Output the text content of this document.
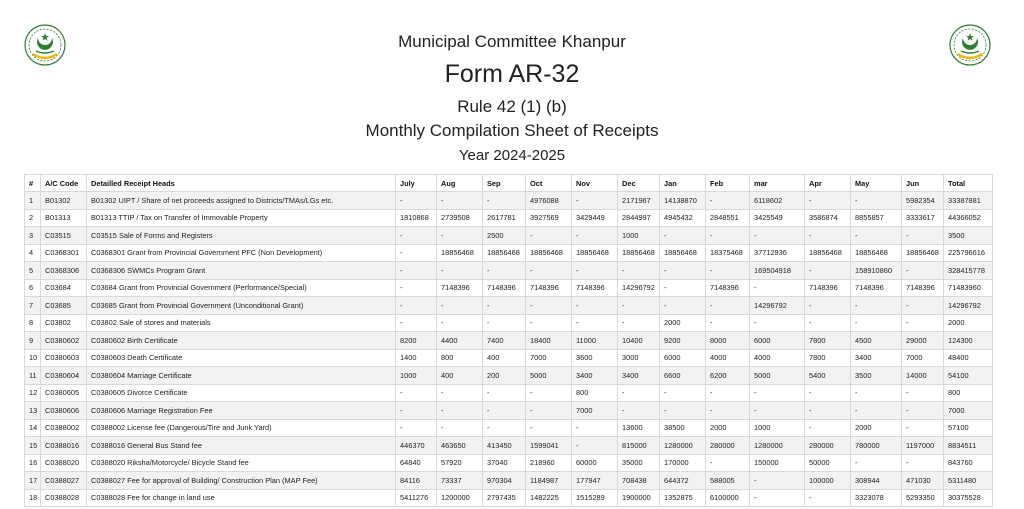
Municipal Committee Khanpur
Form AR-32
Rule 42 (1) (b)
Monthly Compilation Sheet of Receipts
Year 2024-2025
#	A/C Code	Detailled Receipt Heads	July	Aug	Sep	Oct	Nov	Dec	Jan	Feb	mar	Apr	May	Jun	Total
1	B01302	B01302 UIPT / Share of net proceeds assigned to Districts/TMAs/LGs etc.	-	-	-	4976088	-	2171967	14138870	-	6118602	-	-	5982354	33387881
2	B01313	B01313 TTIP / Tax on Transfer of Immovable Property	1810868	2739508	2617781	3927569	3429449	2844997	4945432	2848551	3425549	3586874	8855857	3333617	44366052
3	C03515	C03515 Sale of Forms and Registers	-	-	2500	-	-	1000	-	-	-	-	-	-	3500
4	C0368301	C0368301 Grant from Provincial Government PFC (Non Development)	-	18856468	18856468	18856468	18856468	18856468	18856468	18375468	37712936	18856468	18856468	18856468	225796616
5	C0368306	C0368306 SWMCs Program Grant	-	-	-	-	-	-	-	-	169504918	-	158910860	-	328415778
6	C03684	C03684 Grant from Provincial Government (Performance/Special)	-	7148396	7148396	7148396	7148396	14296792	-	7148396	-	7148396	7148396	7148396	71483960
7	C03685	C03685 Grant from Provincial Government (Unconditional Grant)	-	-	-	-	-	-	-	-	14296792	-	-	-	14296792
8	C03802	C03802 Sale of stores and materials	-	-	-	-	-	-	2000	-	-	-	-	-	2000
9	C0380602	C0380602 Birth Certificate	8200	4400	7400	18400	11000	10400	9200	8000	6000	7800	4500	29000	124300
10	C0380603	C0380603 Death Certificate	1400	800	400	7000	3600	3000	6000	4000	4000	7800	3400	7000	48400
11	C0380604	C0380604 Marriage Certificate	1000	400	200	5000	3400	3400	6600	6200	5000	5400	3500	14000	54100
12	C0380605	C0380605 Divorce Certificate	-	-	-	-	800	-	-	-	-	-	-	-	800
13	C0380606	C0380606 Marriage Registration Fee	-	-	-	-	7000	-	-	-	-	-	-	-	7000
14	C0388002	C0388002 License fee (Dangerous/Tire and Junk Yard)	-	-	-	-	-	13600	38500	2000	1000	-	2000	-	57100
15	C0388016	C0388016 General Bus Stand fee	446370	463650	413450	1599041	-	815000	1280000	280000	1280000	280000	780000	1197000	8834511
16	C0388020	C0388020 Riksha/Motorcycle/ Bicycle Stand fee	64840	57920	37040	218960	60000	35000	170000	-	150000	50000	-	-	843760
17	C0388027	C0388027 Fee for approval of Building/ Construction Plan (MAP Fee)	84116	73337	970304	1184987	177947	708438	644372	588005	-	100000	308944	471030	5311480
18	C0388028	C0388028 Fee for change in land use	5411276	1200000	2797435	1482225	1515289	1900000	1352875	6100000	-	-	3323078	5293350	30375528
